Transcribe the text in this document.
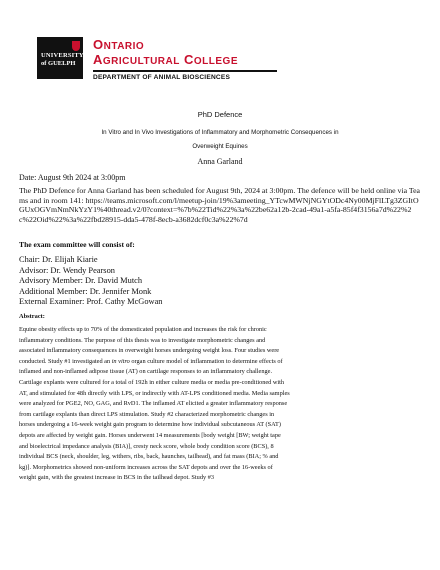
UNIVERSITY
of GUELPH
ONTARIO
AGRICULTURAL COLLEGE
DEPARTMENT OF ANIMAL BIOSCIENCES
PhD Defence
In Vitro and In Vivo Investigations of Inflammatory and Morphometric Consequences in
Overweight Equines
Anna Garland
Date: August 9th 2024 at 3:00pm
The PhD Defence for Anna Garland has been scheduled for August 9th, 2024 at 3:00pm. The defence will be held online via Teams and in room 141: https://teams.microsoft.com/l/meetup-join/19%3ameeting_YTcwMWNjNGYtODc4Ny00MjFlLTg3ZGItOGUxOGVmNmNkYzY1%40thread.v2/0?context=%7b%22Tid%22%3a%22be62a12b-2cad-49a1-a5fa-85f4f3156a7d%22%2c%22Oid%22%3a%22fbd28915-dda5-478f-8ecb-a3682dcf0c3a%22%7d
The exam committee will consist of:
Chair: Dr. Elijah Kiarie
Advisor: Dr. Wendy Pearson
Advisory Member: Dr. David Mutch
Additional Member: Dr. Jennifer Monk
External Examiner: Prof. Cathy McGowan
Abstract:
Equine obesity effects up to 70% of the domesticated population and increases the risk for chronic inflammatory conditions. The purpose of this thesis was to investigate morphometric changes and associated inflammatory consequences in overweight horses undergoing weight loss. Four studies were conducted. Study #1 investigated an in vitro organ culture model of inflammation to determine effects of inflamed and non-inflamed adipose tissue (AT) on cartilage responses to an inflammatory challenge. Cartilage explants were cultured for a total of 192h in either culture media or media pre-conditioned with AT, and stimulated for 48h directly with LPS, or indirectly with AT-LPS conditioned media. Media samples were analyzed for PGE2, NO, GAG, and RvD1. The inflamed AT elicited a greater inflammatory response from cartilage explants than direct LPS stimulation. Study #2 characterized morphometric changes in horses undergoing a 16-week weight gain program to determine how individual subcutaneous AT (SAT) depots are affected by weight gain. Horses underwent 14 measurements [body weight [BW; weight tape and bioelectrical impedance analysis (BIA)], cresty neck score, whole body condition score (BCS), 8 individual BCS (neck, shoulder, leg, withers, ribs, back, haunches, tailhead), and fat mass (BIA; % and kg)]. Morphometrics showed non-uniform increases across the SAT depots and over the 16-weeks of weight gain, with the greatest increase in BCS in the tailhead depot. Study #3
